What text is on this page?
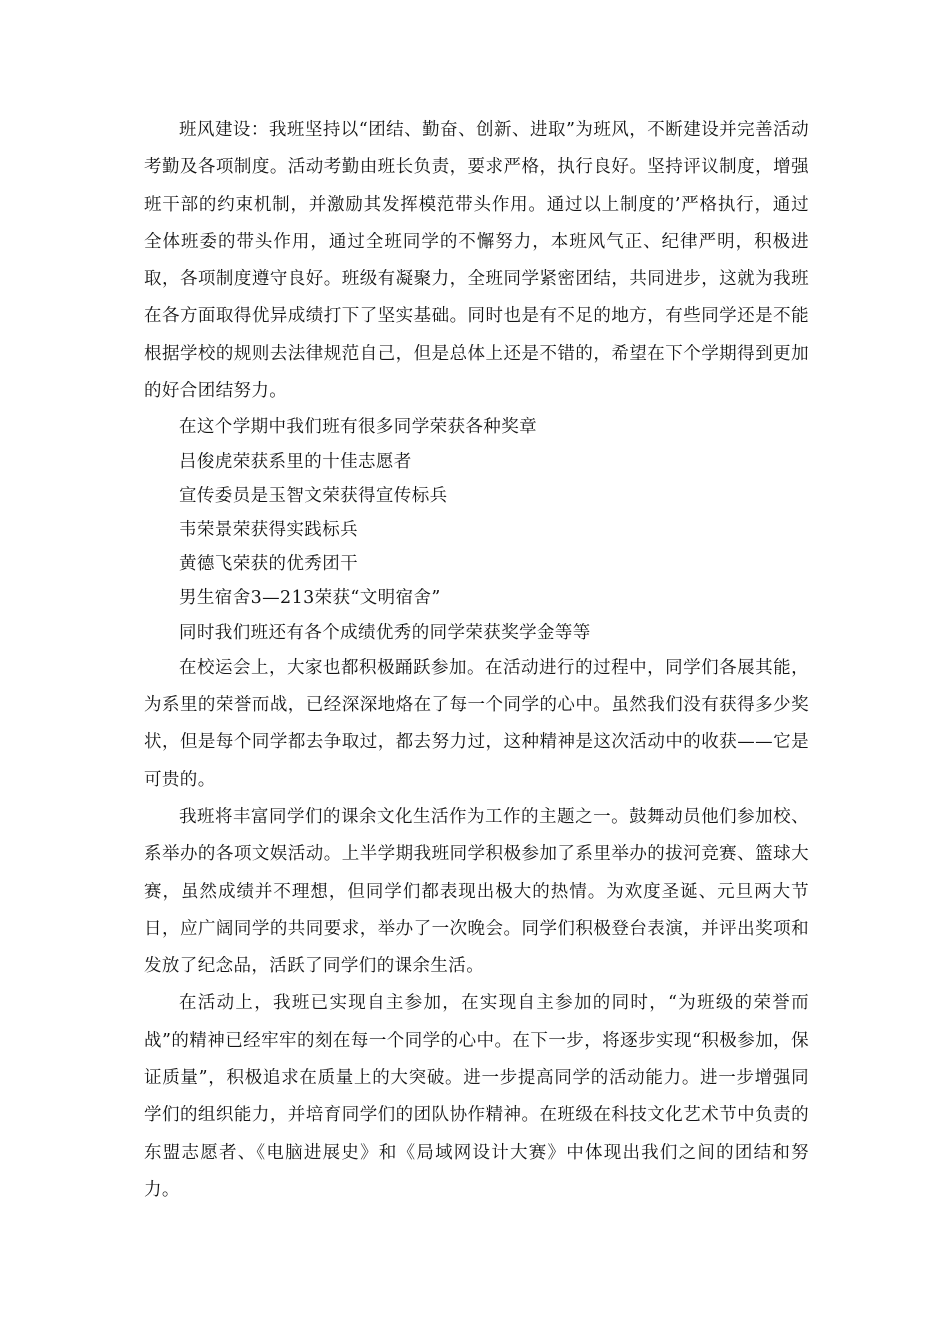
班风建设：我班坚持以“团结、勤奋、创新、进取”为班风，不断建设并完善活动考勤及各项制度。活动考勤由班长负责，要求严格，执行良好。坚持评议制度，增强班干部的约束机制，并激励其发挥模范带头作用。通过以上制度的’严格执行，通过全体班委的带头作用，通过全班同学的不懈努力，本班风气正、纪律严明，积极进取，各项制度遵守良好。班级有凝聚力，全班同学紧密团结，共同进步，这就为我班在各方面取得优异成绩打下了坚实基础。同时也是有不足的地方，有些同学还是不能根据学校的规则去法律规范自己，但是总体上还是不错的，希望在下个学期得到更加的好合团结努力。

在这个学期中我们班有很多同学荣获各种奖章

吕俊虎荣获系里的十佳志愿者

宣传委员是玉智文荣获得宣传标兵

韦荣景荣获得实践标兵

黄德飞荣获的优秀团干

男生宿舍3—213荣获“文明宿舍”

同时我们班还有各个成绩优秀的同学荣获奖学金等等

在校运会上，大家也都积极踊跃参加。在活动进行的过程中，同学们各展其能，为系里的荣誉而战，已经深深地烙在了每一个同学的心中。虽然我们没有获得多少奖状，但是每个同学都去争取过，都去努力过，这种精神是这次活动中的收获——它是可贵的。

我班将丰富同学们的课余文化生活作为工作的主题之一。鼓舞动员他们参加校、系举办的各项文娱活动。上半学期我班同学积极参加了系里举办的拔河竞赛、篮球大赛，虽然成绩并不理想，但同学们都表现出极大的热情。为欢度圣诞、元旦两大节日，应广阔同学的共同要求，举办了一次晚会。同学们积极登台表演，并评出奖项和发放了纪念品，活跃了同学们的课余生活。

在活动上，我班已实现自主参加，在实现自主参加的同时，“为班级的荣誉而战”的精神已经牢牢的刻在每一个同学的心中。在下一步，将逐步实现“积极参加，保证质量”，积极追求在质量上的大突破。进一步提高同学的活动能力。进一步增强同学们的组织能力，并培育同学们的团队协作精神。在班级在科技文化艺术节中负责的东盟志愿者、《电脑进展史》和《局域网设计大赛》中体现出我们之间的团结和努力。
